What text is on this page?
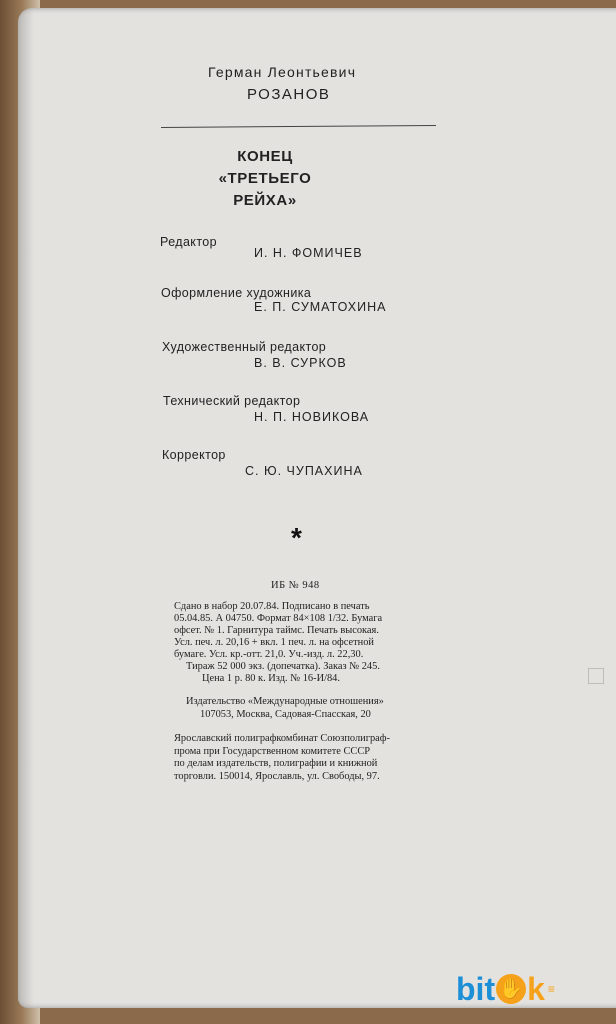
Герман Леонтьевич
РОЗАНОВ
КОНЕЦ
«ТРЕТЬЕГО
РЕЙХА»
Редактор
И. Н. ФОМИЧЕВ
Оформление художника
Е. П. СУМАТОХИНА
Художественный редактор
В. В. СУРКОВ
Технический редактор
Н. П. НОВИКОВА
Корректор
С. Ю. ЧУПАХИНА
*
ИБ № 948
Сдано в набор 20.07.84. Подписано в печать
05.04.85. А 04750. Формат 84×108 1/32. Бумага
офсет. № 1. Гарнитура таймс. Печать высокая.
Усл. печ. л. 20,16 + вкл. 1 печ. л. на офсетной
бумаге. Усл. кр.-отт. 21,0. Уч.-изд. л. 22,30.
Тираж 52 000 экз. (допечатка). Заказ № 245.
Цена 1 р. 80 к. Изд. № 16-И/84.
Издательство «Международные отношения»
107053, Москва, Садовая-Спасская, 20
Ярославский полиграфкомбинат Союзполиграф-
прома при Государственном комитете СССР
по делам издательств, полиграфии и книжной
торговли. 150014, Ярославль, ул. Свободы, 97.
bit ✋ k ≡
